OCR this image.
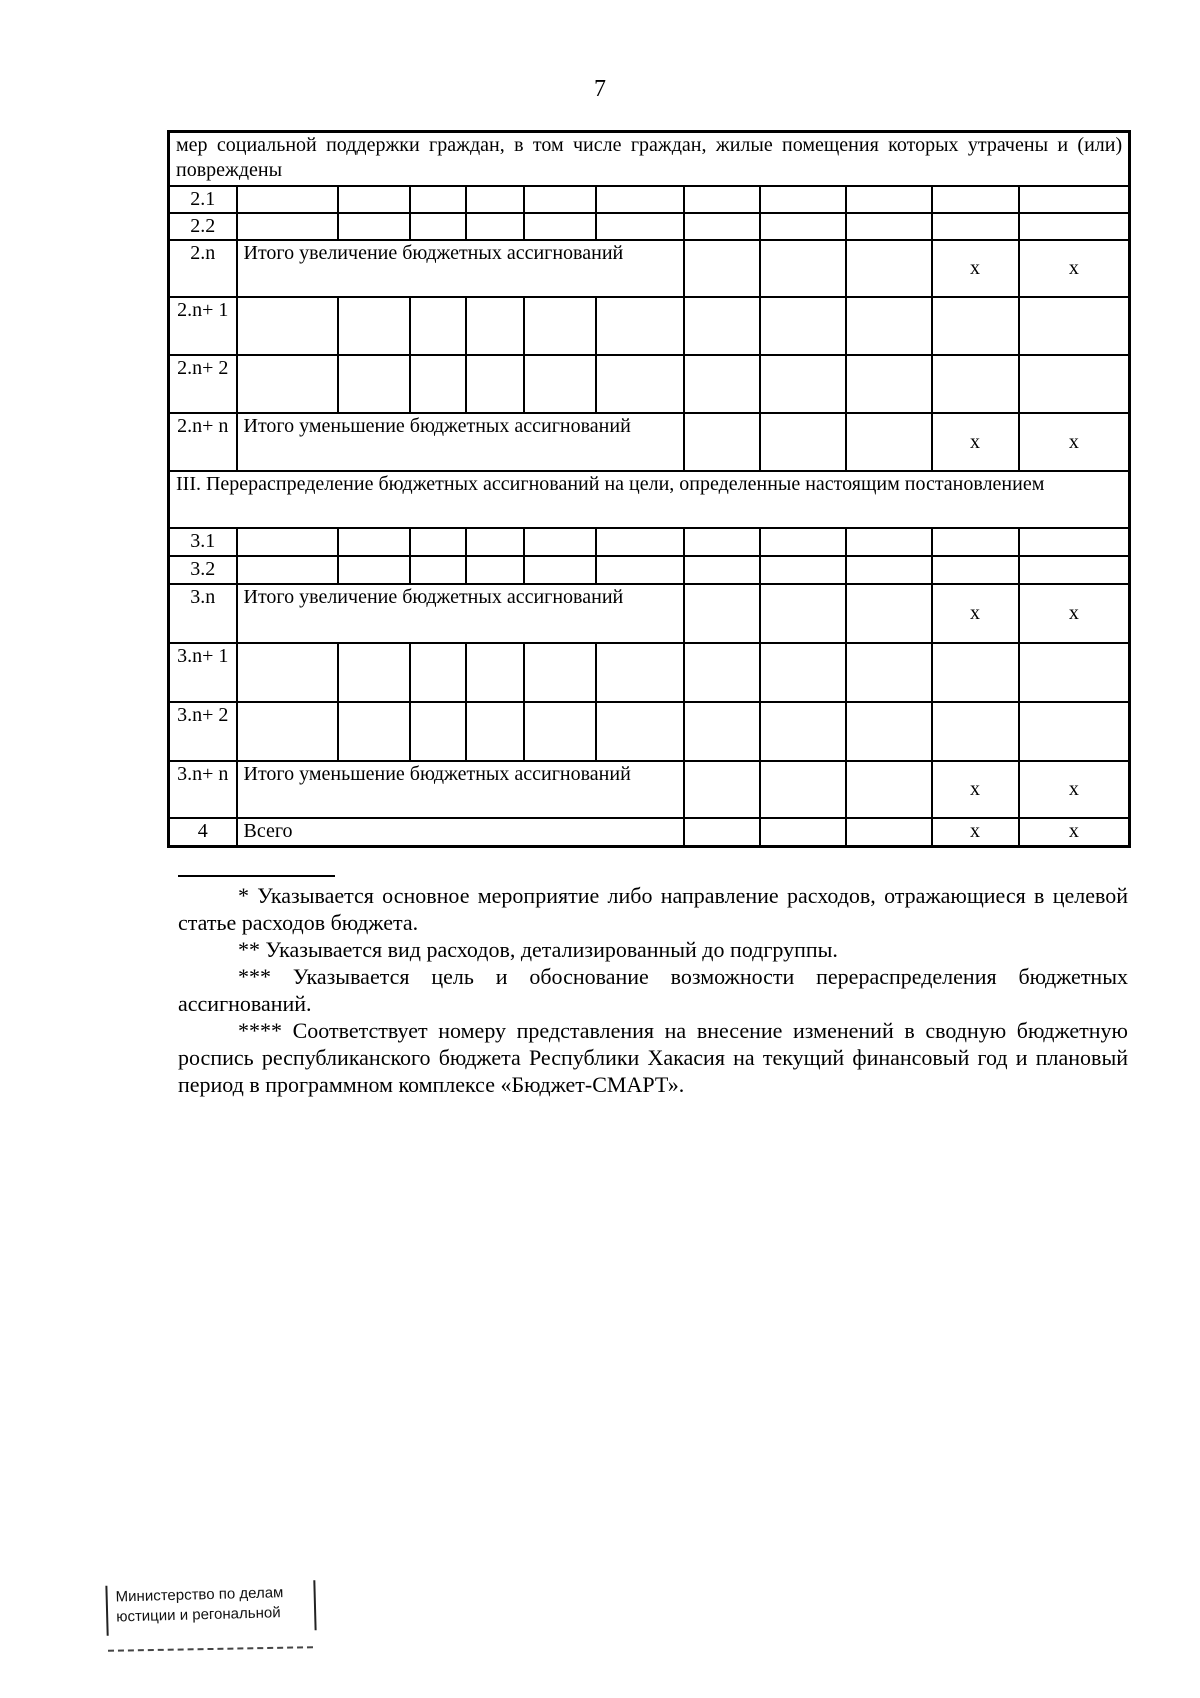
7
мер социальной поддержки граждан, в том числе граждан, жилые помещения которых утрачены и (или) повреждены											
2.1											
2.2											
2.n	Итого увеличение бюджетных ассигнований									x	x
2.n+ 1											
2.n+ 2											
2.n+ n	Итого уменьшение бюджетных ассигнований									x	x
III. Перераспределение бюджетных ассигнований на цели, определенные настоящим постановлением											
3.1											
3.2											
3.n	Итого увеличение бюджетных ассигнований									x	x
3.n+ 1											
3.n+ 2											
3.n+ n	Итого уменьшение бюджетных ассигнований									x	x
4	Всего									x	x

* Указывается основное мероприятие либо направление расходов, отражающиеся в целевой статье расходов бюджета.

** Указывается вид расходов, детализированный до подгруппы.

*** Указывается цель и обоснование возможности перераспределения бюджетных ассигнований.

**** Соответствует номеру представления на внесение изменений в сводную бюджетную роспись республиканского бюджета Республики Хакасия на текущий финансовый год и плановый период в программном комплексе «Бюджет-СМАРТ».

Министерство по делам
юстиции и регональной
